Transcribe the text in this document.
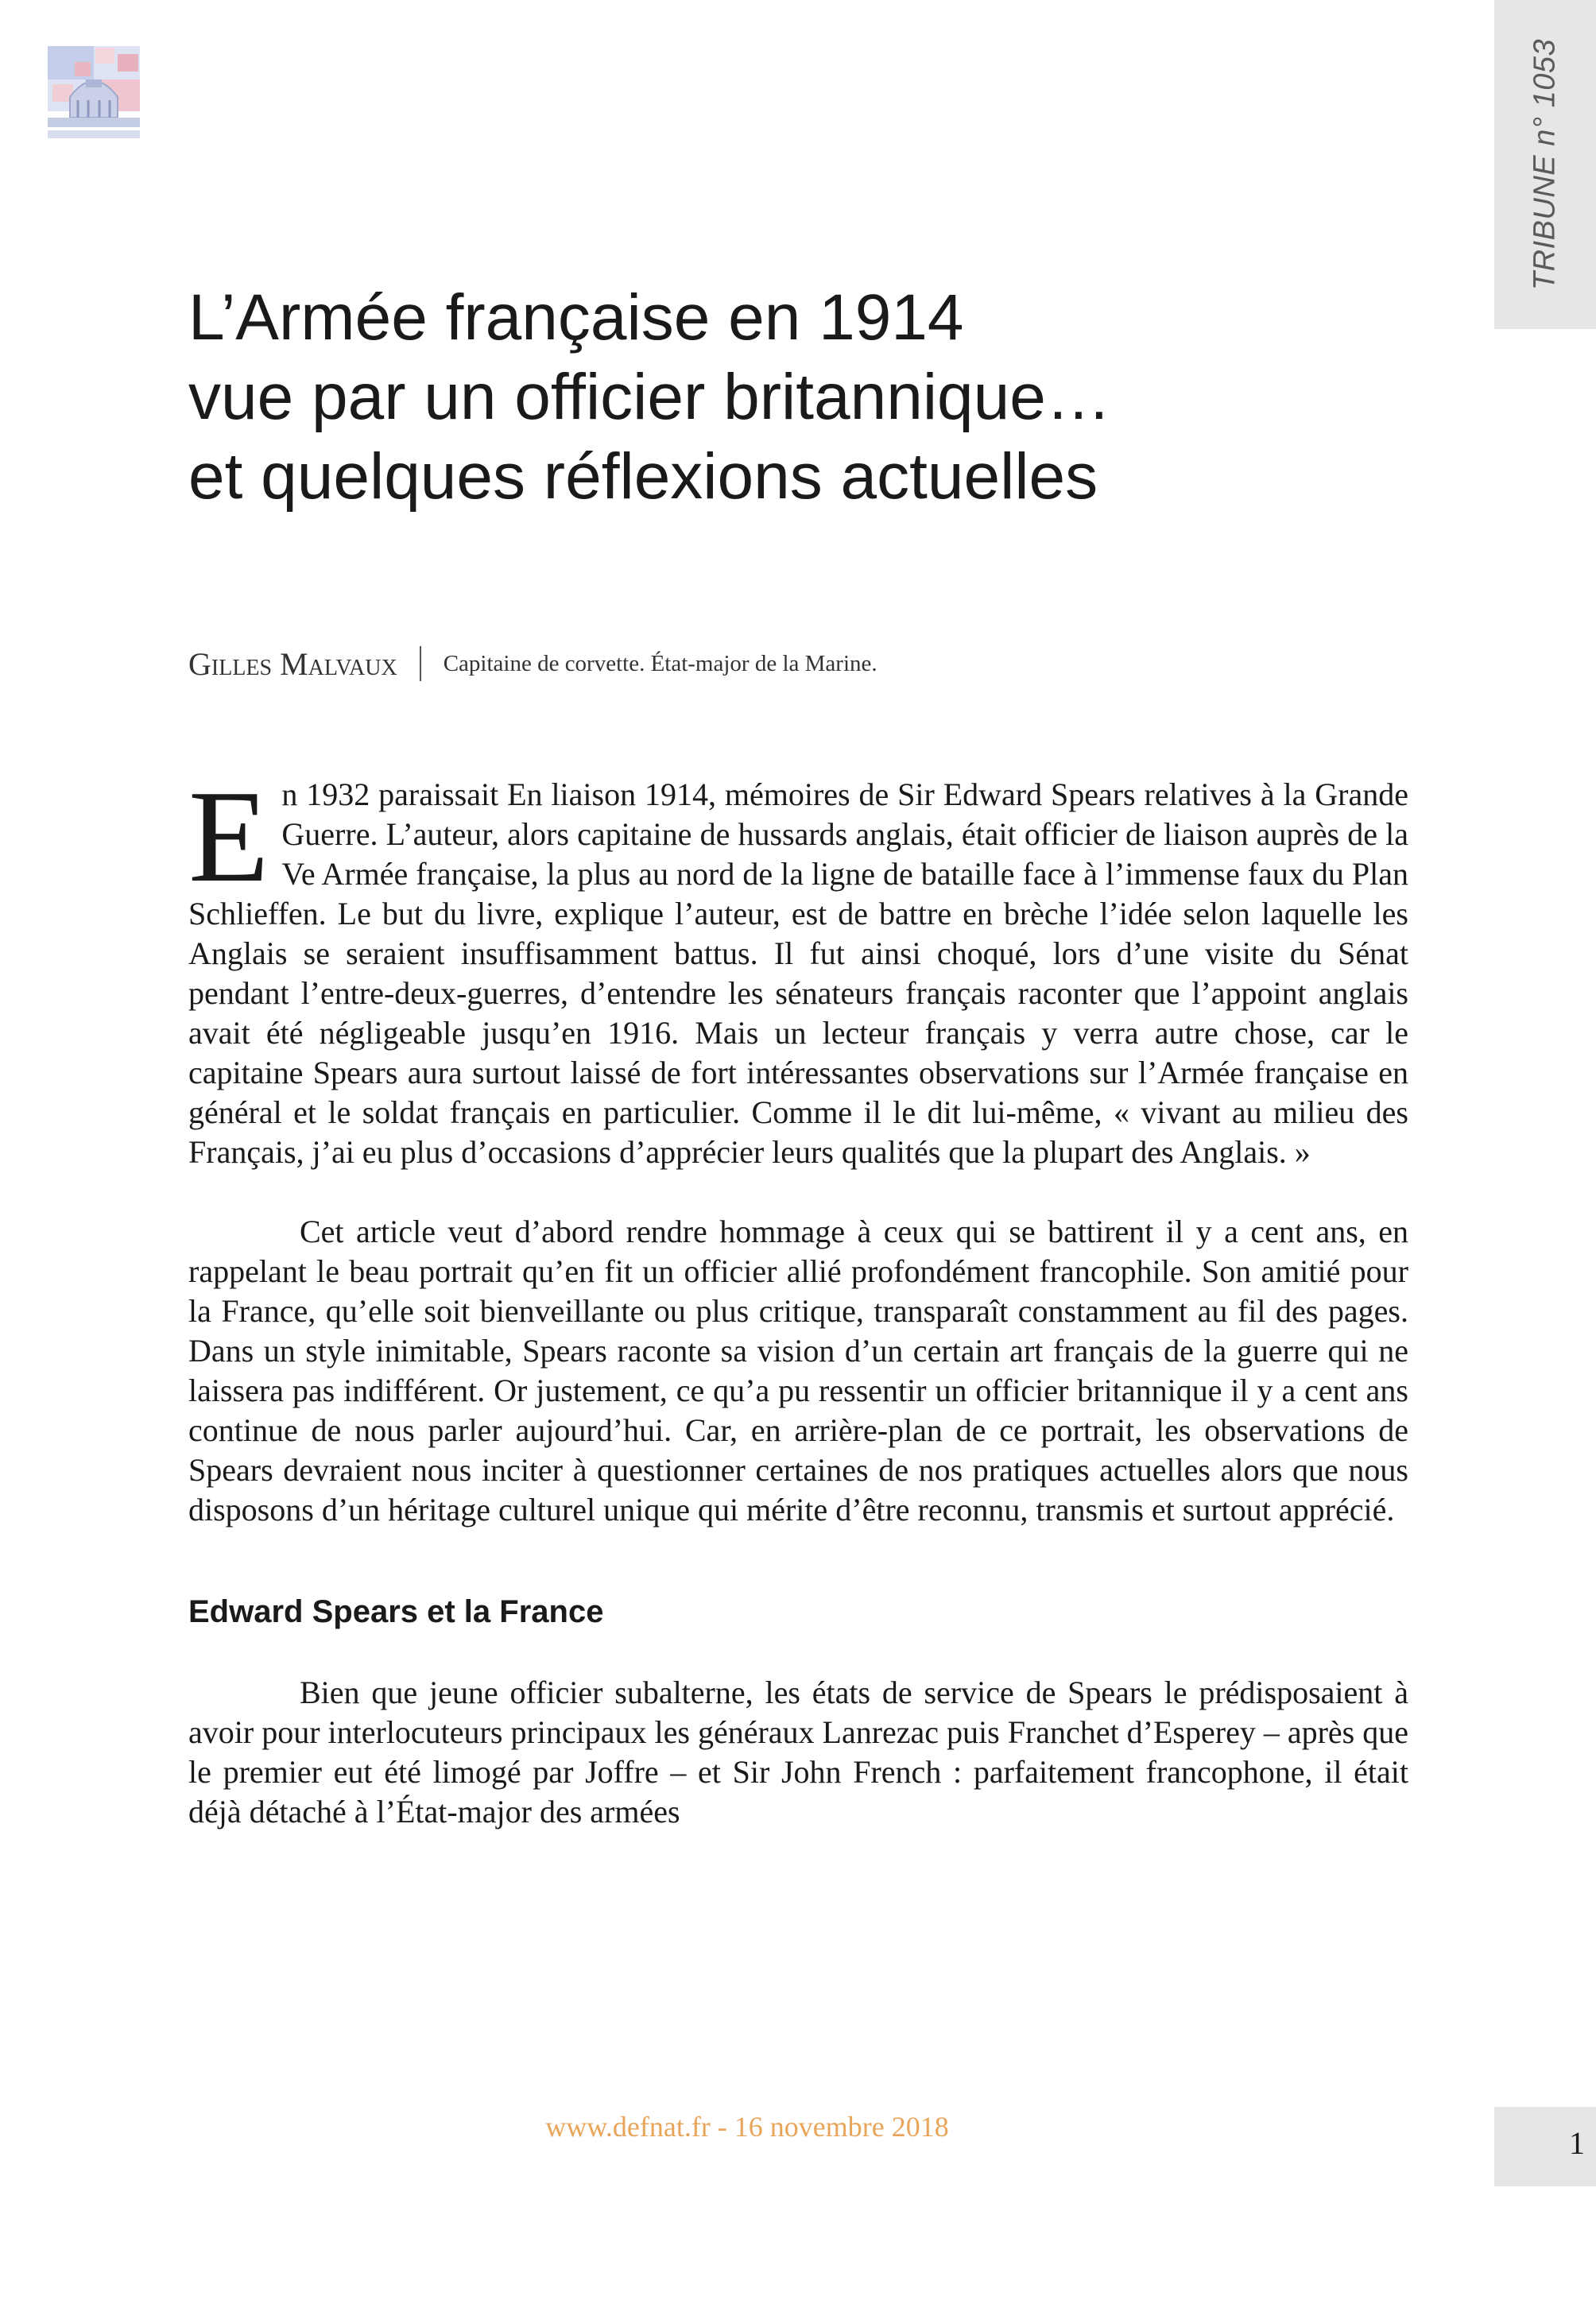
TRIBUNE n° 1053
L’Armée française en 1914
vue par un officier britannique…
et quelques réflexions actuelles
Gilles Malvaux Capitaine de corvette. État-major de la Marine.

En 1932 paraissait En liaison 1914, mémoires de Sir Edward Spears relatives à la Grande Guerre. L’auteur, alors capitaine de hussards anglais, était officier de liaison auprès de la Ve Armée française, la plus au nord de la ligne de bataille face à l’immense faux du Plan Schlieffen. Le but du livre, explique l’auteur, est de battre en brèche l’idée selon laquelle les Anglais se seraient insuffisamment battus. Il fut ainsi choqué, lors d’une visite du Sénat pendant l’entre-deux-guerres, d’entendre les sénateurs français raconter que l’appoint anglais avait été négligeable jusqu’en 1916. Mais un lecteur français y verra autre chose, car le capitaine Spears aura surtout laissé de fort intéressantes observations sur l’Armée française en général et le soldat français en particulier. Comme il le dit lui-même, « vivant au milieu des Français, j’ai eu plus d’occasions d’apprécier leurs qualités que la plupart des Anglais. »

Cet article veut d’abord rendre hommage à ceux qui se battirent il y a cent ans, en rappelant le beau portrait qu’en fit un officier allié profondément francophile. Son amitié pour la France, qu’elle soit bienveillante ou plus critique, transparaît constamment au fil des pages. Dans un style inimitable, Spears raconte sa vision d’un certain art français de la guerre qui ne laissera pas indifférent. Or justement, ce qu’a pu ressentir un officier britannique il y a cent ans continue de nous parler aujourd’hui. Car, en arrière-plan de ce portrait, les observations de Spears devraient nous inciter à questionner certaines de nos pratiques actuelles alors que nous disposons d’un héritage culturel unique qui mérite d’être reconnu, transmis et surtout apprécié.

Edward Spears et la France

Bien que jeune officier subalterne, les états de service de Spears le prédisposaient à avoir pour interlocuteurs principaux les généraux Lanrezac puis Franchet d’Esperey – après que le premier eut été limogé par Joffre – et Sir John French : parfaitement francophone, il était déjà détaché à l’État-major des armées

www.defnat.fr - 16 novembre 2018	1
